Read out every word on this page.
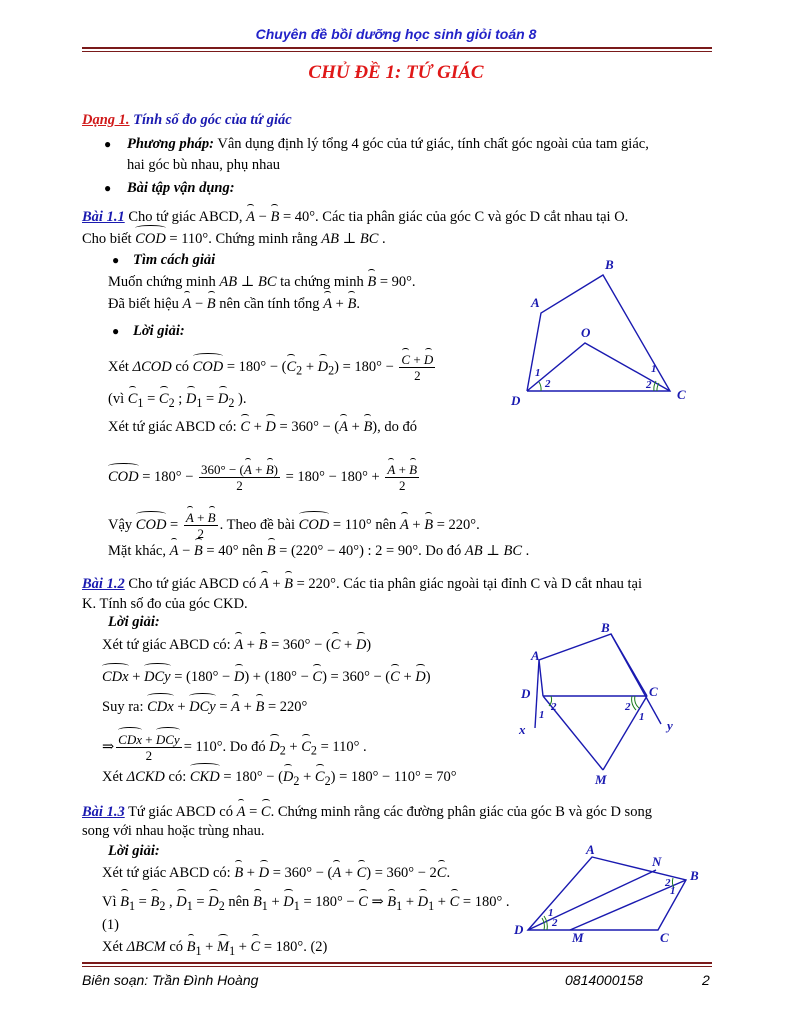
Chuyên đề bồi dưỡng học sinh giỏi toán 8
CHỦ ĐỀ 1: TỨ GIÁC
Dạng 1. Tính số đo góc của tứ giác
● Phương pháp: Vân dụng định lý tổng 4 góc của tứ giác, tính chất góc ngoài của tam giác,
hai góc bù nhau, phụ nhau
● Bài tập vận dụng:
Bài 1.1 Cho tứ giác ABCD, A − B = 40°. Các tia phân giác của góc C và góc D cắt nhau tại O.
Cho biết COD = 110°. Chứng minh rằng AB ⊥ BC .
● Tìm cách giải
Muốn chứng minh AB ⊥ BC ta chứng minh B = 90°.
Đã biết hiệu A − B nên cần tính tổng A + B.
● Lời giải:
Xét ΔCOD có COD = $180^\circ - (C_2 + D_2) = 180^\circ - \frac{C + D}{2}$
(vì $C_1 = C_2$ ; $D_1 = D_2$ ).
Xét tứ giác ABCD có: C + D = 360° − (A + B), do đó
COD = $180^\circ - \frac{360^\circ - (A + B)}{2} = 180^\circ - 180^\circ + \frac{A + B}{2}$
Vậy COD = $\frac{A + B}{2}$ . Theo đề bài COD = 110° nên A + B = 220°.
Mặt khác, A − B = 40° nên B = (220° − 40°) : 2 = 90°. Do đó AB ⊥ BC .
A
B
O
D	C
1
2
1
2
Bài 1.2 Cho tứ giác ABCD có A + B = 220°. Các tia phân giác ngoài tại đỉnh C và D cắt nhau tại
K. Tính số đo của góc CKD.
Lời giải:
Xét tứ giác ABCD có: A + B = 360° − (C + D)
CDx + DCy = (180° − D) + (180° − C) = 360° − (C + D)
Suy ra: CDx + DCy = A + B = 220°
⇒ $\frac{\text{CDx + DCy}}{2} = 110^\circ$. Do đó $D_2 + C_2 = 110^\circ$ .
Xét ΔCKD có: CKD = $180^\circ - (D_2 + C_2) = 180^\circ - 110^\circ = 70^\circ$
B
A
D	C
x	y
M
2
1
2
1
Bài 1.3 Tứ giác ABCD có A = C. Chứng minh rằng các đường phân giác của góc B và góc D song
song với nhau hoặc trùng nhau.
Lời giải:
Xét tứ giác ABCD có: B + D = 360° − (A + C) = 360° − 2C.
Vì $B_1 = B_2$ , $D_1 = D_2$ nên $B_1 + D_1 = 180^\circ - C$ ⇒ $B_1 + D_1 + C = 180^\circ$ .
(1)
Xét ΔBCM có $B_1 + M_1 + C = 180^\circ$. (2)
A
N
B
D
M	C
2
1
1
2
Biên soạn: Trần Đình Hoàng	0814000158	2
